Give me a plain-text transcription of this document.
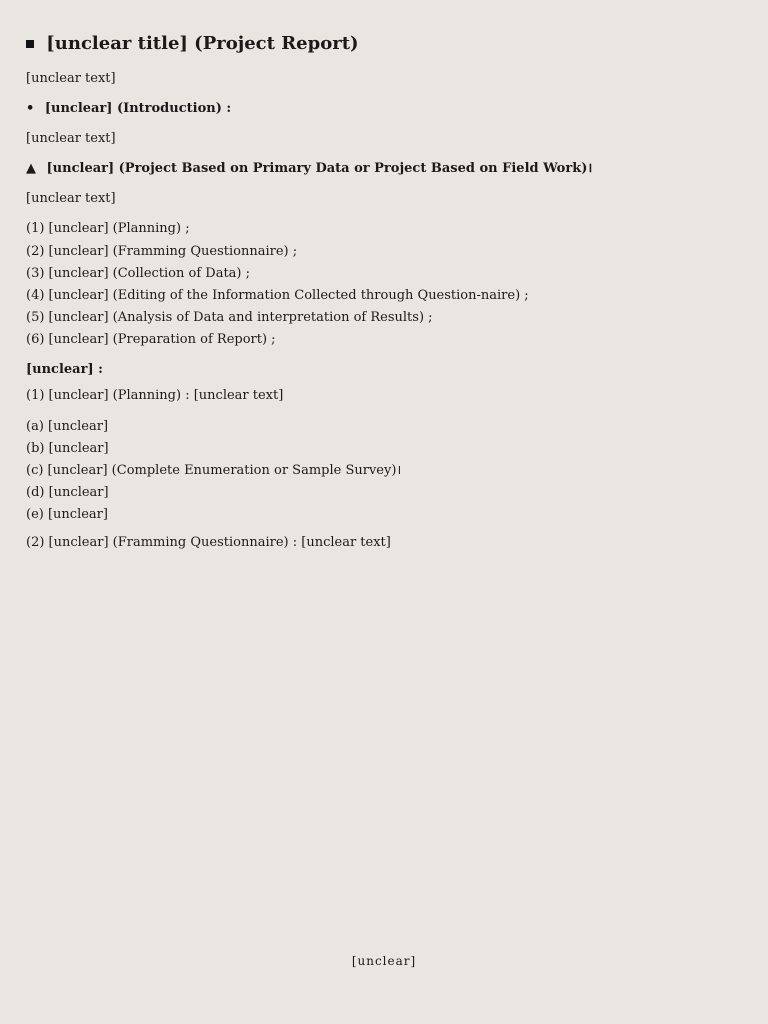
[unclear title] (Project Report)

[unclear text]

• [unclear] (Introduction) :

[unclear text]

▲ [unclear] (Project Based on Primary Data or Project Based on Field Work)।

[unclear text]

(1) [unclear] (Planning) ;
(2) [unclear] (Framming Questionnaire) ;
(3) [unclear] (Collection of Data) ;
(4) [unclear] (Editing of the Information Collected through Question-naire) ;
(5) [unclear] (Analysis of Data and interpretation of Results) ;
(6) [unclear] (Preparation of Report) ;

[unclear] :

(1) [unclear] (Planning) : [unclear text]

(a) [unclear]
(b) [unclear]
(c) [unclear] (Complete Enumeration or Sample Survey)।
(d) [unclear]
(e) [unclear]

(2) [unclear] (Framming Questionnaire) : [unclear text]

[unclear]
